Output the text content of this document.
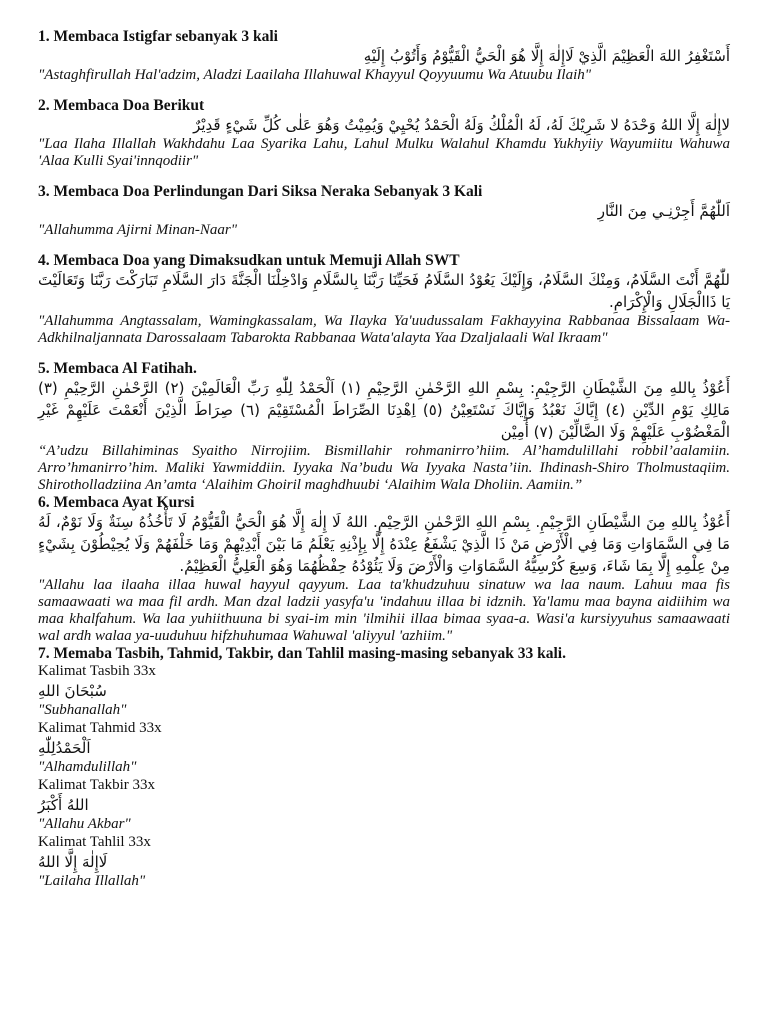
1. Membaca Istigfar sebanyak 3 kali

أَسْتَغْفِرُ اللهَ الْعَظِيْمَ الَّذِيْ لَاإِلٰهَ إِلَّا هُوَ الْحَيُّ الْقَيُّوْمُ وَأَتُوْبُ إِلَيْهِ

"Astaghfirullah Hal'adzim, Aladzi Laailaha Illahuwal Khayyul Qoyyuumu Wa Atuubu Ilaih"

2. Membaca Doa Berikut

لاإِلٰهَ إِلَّا اللهُ وَحْدَهُ لا شَرِيْكَ لَهُ، لَهُ الْمُلْكُ وَلَهُ الْحَمْدُ يُحْيِيْ وَيُمِيْتُ وَهُوَ عَلٰى كُلِّ شَيْءٍ قَدِيْرٌ

"Laa Ilaha Illallah Wakhdahu Laa Syarika Lahu, Lahul Mulku Walahul Khamdu Yukhyiiy Wayumiitu Wahuwa 'Alaa Kulli Syai'innqodiir"

3. Membaca Doa Perlindungan Dari Siksa Neraka Sebanyak 3 Kali

اَللّٰهُمَّ أَجِرْنِـي مِنَ النَّارِ

"Allahumma Ajirni Minan-Naar"

4. Membaca Doa yang Dimaksudkan untuk Memuji Allah SWT

للّٰهُمَّ أَنْتَ السَّلَامُ، وَمِنْكَ السَّلَامُ، وَإِلَيْكَ يَعُوْدُ السَّلَامُ فَحَيِّنَا رَبَّنَا بِالسَّلَامِ وَادْخِلْنَا الْجَنَّةَ دَارَ السَّلَامِ تَبَارَكْتَ رَبَّنَا وَتَعَالَيْتَ يَا ذَاالْجَلَالِ وَالْإِكْرَامِ.

"Allahumma Angtassalam, Wamingkassalam, Wa Ilayka Ya'uudussalam Fakhayyina Rabbanaa Bissalaam Wa-Adkhilnaljannata Darossalaam Tabarokta Rabbanaa Wata'alayta Yaa Dzaljalaali Wal Ikraam"

5. Membaca Al Fatihah.

أَعُوْذُ بِاللهِ مِنَ الشَّيْطَانِ الرَّجِيْمِ: بِسْمِ اللهِ الرَّحْمٰنِ الرَّحِيْمِ (١) اَلْحَمْدُ لِلّٰهِ رَبِّ الْعَالَمِيْنَ (٢) الرَّحْمٰنِ الرَّحِيْمِ (٣) مَالِكِ يَوْمِ الدِّيْنِ (٤) إِيَّاكَ نَعْبُدُ وَإِيَّاكَ نَسْتَعِيْنُ (٥) اِهْدِنَا الصِّرَاطَ الْمُسْتَقِيْمَ (٦) صِرَاطَ الَّذِيْنَ أَنْعَمْتَ عَلَيْهِمْ غَيْرِ الْمَغْضُوْبِ عَلَيْهِمْ وَلَا الضَّالِّيْنَ (٧) أٰمِيْن

“A’udzu Billahiminas Syaitho Nirrojiim. Bismillahir rohmanirro’hiim. Al’hamdulillahi robbil’aalamiin. Arro’hmanirro’him. Maliki Yawmiddiin. Iyyaka Na’budu Wa Iyyaka Nasta’iin. Ihdinash-Shiro Tholmustaqiim. Shirotholladziina An’amta ‘Alaihim Ghoiril maghdhuubi ‘Alaihim Wala Dholiin. Aamiin.”

6. Membaca Ayat Kursi

أَعُوْذُ بِاللهِ مِنَ الشَّيْطَانِ الرَّجِيْمِ. بِسْمِ اللهِ الرَّحْمٰنِ الرَّحِيْمِ. اللهُ لَا إِلٰهَ إِلَّا هُوَ الْحَيُّ الْقَيُّوْمُ لَا تَأْخُذُهُ سِنَةٌ وَلَا نَوْمٌ، لَهُ مَا فِي السَّمَاوَاتِ وَمَا فِي الْأَرْضِ مَنْ ذَا الَّذِيْ يَشْفَعُ عِنْدَهُ إِلَّا بِإِذْنِهِ يَعْلَمُ مَا بَيْنَ أَيْدِيْهِمْ وَمَا خَلْفَهُمْ وَلَا يُحِيْطُوْنَ بِشَيْءٍ مِنْ عِلْمِهِ إِلَّا بِمَا شَاءَ، وَسِعَ كُرْسِيُّهُ السَّمَاوَاتِ وَالْأَرْضَ وَلَا يَئُوْدُهُ حِفْظُهُمَا وَهُوَ الْعَلِيُّ الْعَظِيْمُ.

"Allahu laa ilaaha illaa huwal hayyul qayyum. Laa ta'khudzuhuu sinatuw wa laa naum. Lahuu maa fis samaawaati wa maa fil ardh. Man dzal ladzii yasyfa'u 'indahuu illaa bi idznih. Ya'lamu maa bayna aidiihim wa maa khalfahum. Wa laa yuhiithuuna bi syai-im min 'ilmihii illaa bimaa syaa-a. Wasi'a kursiyyuhus samaawaati wal ardh walaa ya-uuduhuu hifzhuhumaa Wahuwal 'aliyyul 'azhiim."

7. Memaba Tasbih, Tahmid, Takbir, dan Tahlil masing-masing sebanyak 33 kali.

Kalimat Tasbih 33x

سُبْحَانَ اللهِ

"Subhanallah"

Kalimat Tahmid 33x

اَلْحَمْدُلِلّٰهِ

"Alhamdulillah"

Kalimat Takbir 33x

اللهُ أَكْبَرُ

"Allahu Akbar"

Kalimat Tahlil 33x

لَاإِلٰهَ إِلَّا اللهُ

"Lailaha Illallah"
